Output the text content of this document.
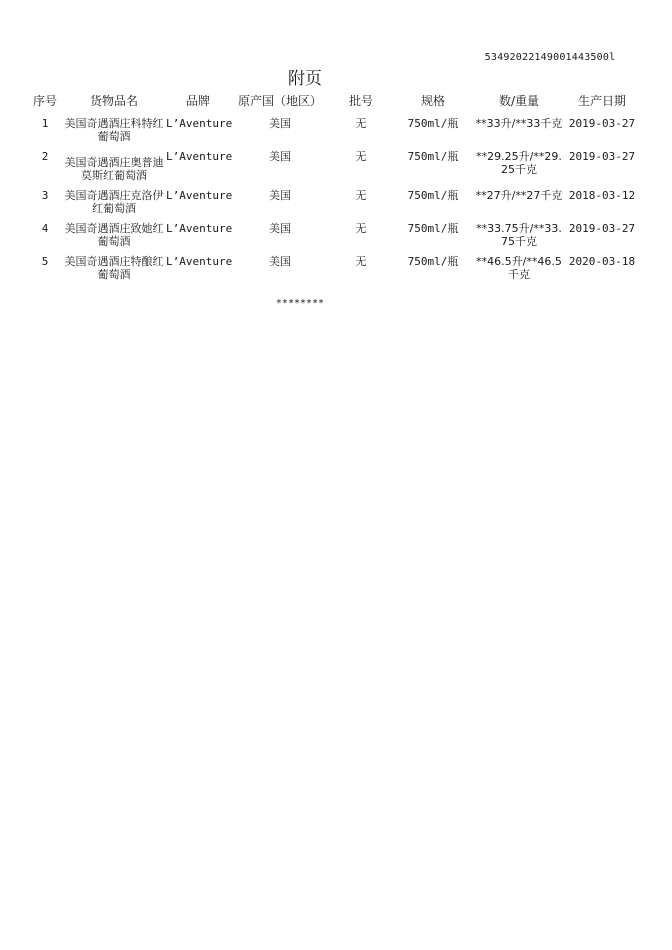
53492022149001443500l
附页
序号	货物品名	品牌	原产国（地区）	批号	规格	数/重量	生产日期
1	美国奇遇酒庄科特红葡萄酒	L’Aventure	美国	无	750ml/瓶	**33升/**33千克	2019-03-27
2	美国奇遇酒庄奥普迪莫斯红葡萄酒	L’Aventure	美国	无	750ml/瓶	**29.25升/**29.25千克	2019-03-27
3	美国奇遇酒庄克洛伊红葡萄酒	L’Aventure	美国	无	750ml/瓶	**27升/**27千克	2018-03-12
4	美国奇遇酒庄致她红葡萄酒	L’Aventure	美国	无	750ml/瓶	**33.75升/**33.75千克	2019-03-27
5	美国奇遇酒庄特酿红葡萄酒	L’Aventure	美国	无	750ml/瓶	**46.5升/**46.5千克	2020-03-18
********
